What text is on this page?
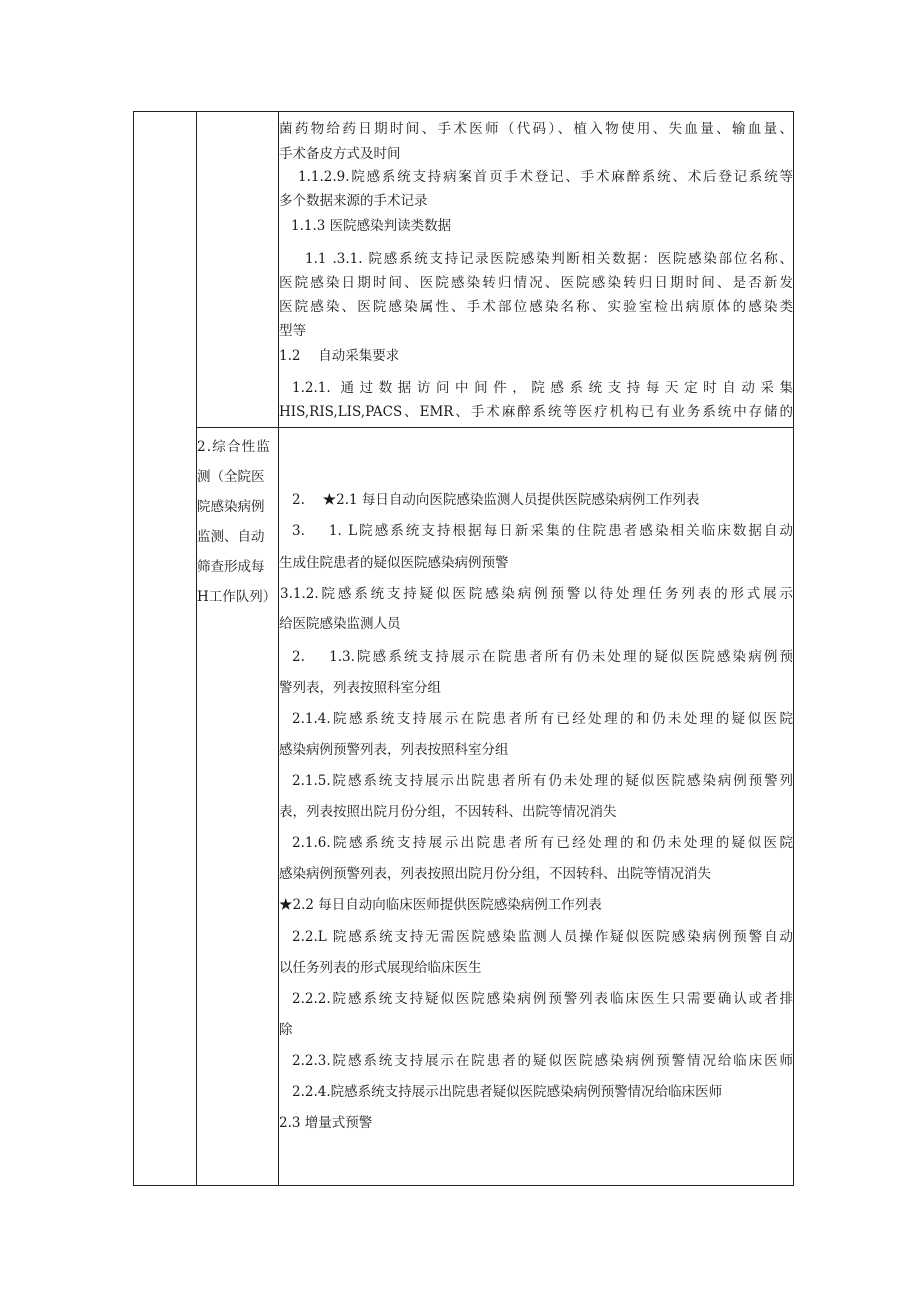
2.综合性监
测（全院医
院感染病例
监测、自动
筛查形成每
H工作队列）
菌药物给药日期时间、手术医师（代码）、植入物使用、失血量、输血量、
手术备皮方式及时间
1.1.2.9.院感系统支持病案首页手术登记、手术麻醉系统、术后登记系统等
多个数据来源的手术记录
1.1.3 医院感染判读类数据
1.1 .3.1. 院感系统支持记录医院感染判断相关数据：医院感染部位名称、
医院感染日期时间、医院感染转归情况、医院感染转归日期时间、是否新发
医院感染、医院感染属性、手术部位感染名称、实验室检出病原体的感染类
型等
1.2　 自动采集要求
1.2.1. 通过数据访问中间件，院感系统支持每天定时自动采集
HIS,RIS,LIS,PACS、EMR、手术麻醉系统等医疗机构已有业务系统中存储的
2.　 ★2.1 每日自动向医院感染监测人员提供医院感染病例工作列表
3.　 1. L院感系统支持根据每日新采集的住院患者感染相关临床数据自动
生成住院患者的疑似医院感染病例预警
3.1.2.院感系统支持疑似医院感染病例预警以待处理任务列表的形式展示
给医院感染监测人员
2.　 1.3.院感系统支持展示在院患者所有仍未处理的疑似医院感染病例预
警列表，列表按照科室分组
2.1.4.院感系统支持展示在院患者所有已经处理的和仍未处理的疑似医院
感染病例预警列表，列表按照科室分组
2.1.5.院感系统支持展示出院患者所有仍未处理的疑似医院感染病例预警列
表，列表按照出院月份分组，不因转科、出院等情况消失
2.1.6.院感系统支持展示出院患者所有已经处理的和仍未处理的疑似医院
感染病例预警列表，列表按照出院月份分组，不因转科、出院等情况消失
★2.2 每日自动向临床医师提供医院感染病例工作列表
2.2.L 院感系统支持无需医院感染监测人员操作疑似医院感染病例预警自动
以任务列表的形式展现给临床医生
2.2.2.院感系统支持疑似医院感染病例预警列表临床医生只需要确认或者排
除
2.2.3.院感系统支持展示在院患者的疑似医院感染病例预警情况给临床医师
2.2.4.院感系统支持展示出院患者疑似医院感染病例预警情况给临床医师
2.3 增量式预警
